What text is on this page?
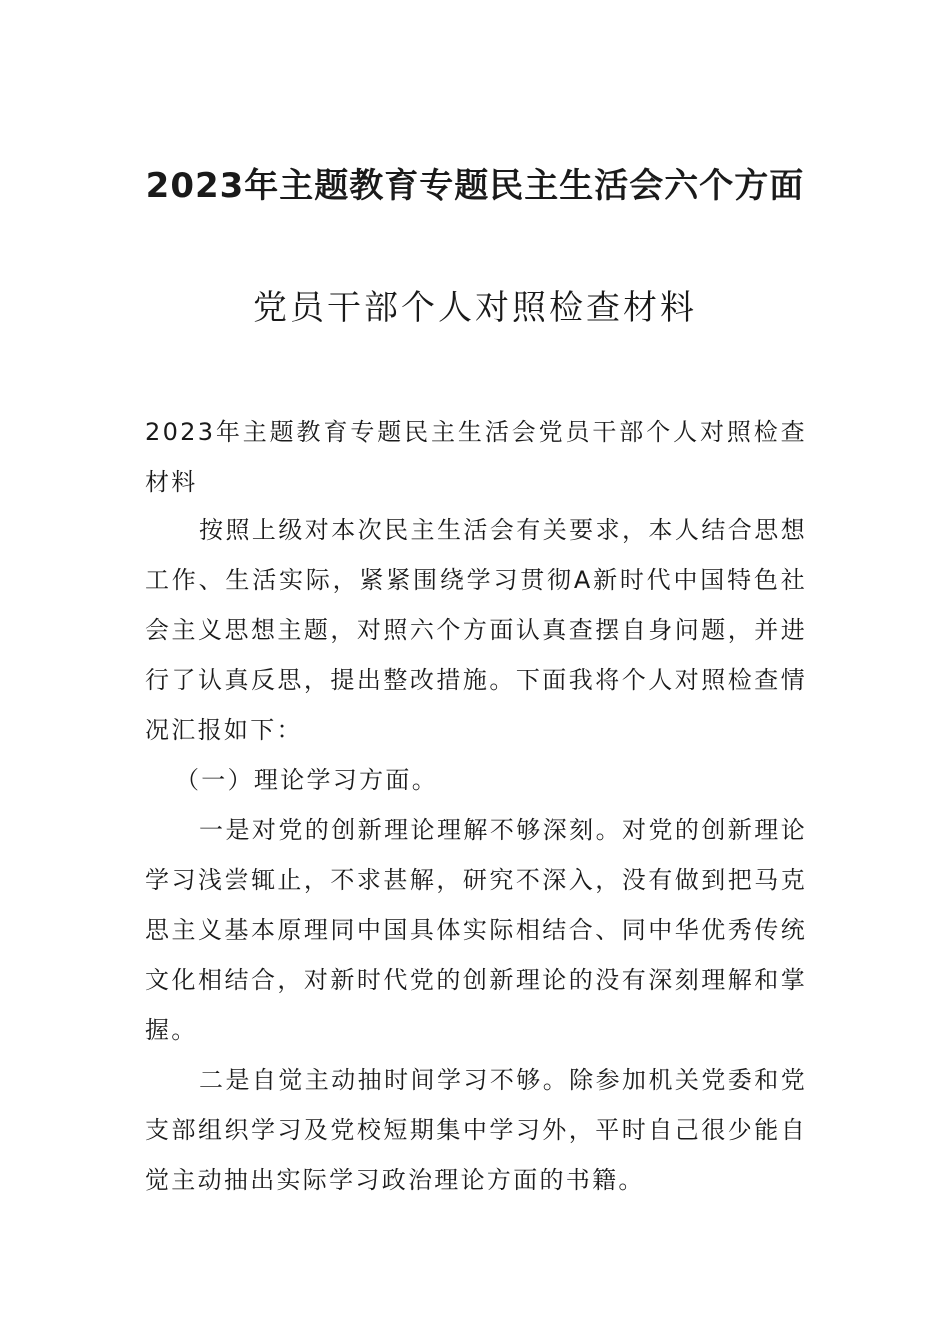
2023年主题教育专题民主生活会六个方面
党员干部个人对照检查材料

2023年主题教育专题民主生活会党员干部个人对照检查材料

按照上级对本次民主生活会有关要求，本人结合思想工作、生活实际，紧紧围绕学习贯彻A新时代中国特色社会主义思想主题，对照六个方面认真查摆自身问题，并进行了认真反思，提出整改措施。下面我将个人对照检查情况汇报如下：

（一）理论学习方面。

一是对党的创新理论理解不够深刻。对党的创新理论学习浅尝辄止，不求甚解，研究不深入，没有做到把马克思主义基本原理同中国具体实际相结合、同中华优秀传统文化相结合，对新时代党的创新理论的没有深刻理解和掌握。

二是自觉主动抽时间学习不够。除参加机关党委和党支部组织学习及党校短期集中学习外，平时自己很少能自觉主动抽出实际学习政治理论方面的书籍。
